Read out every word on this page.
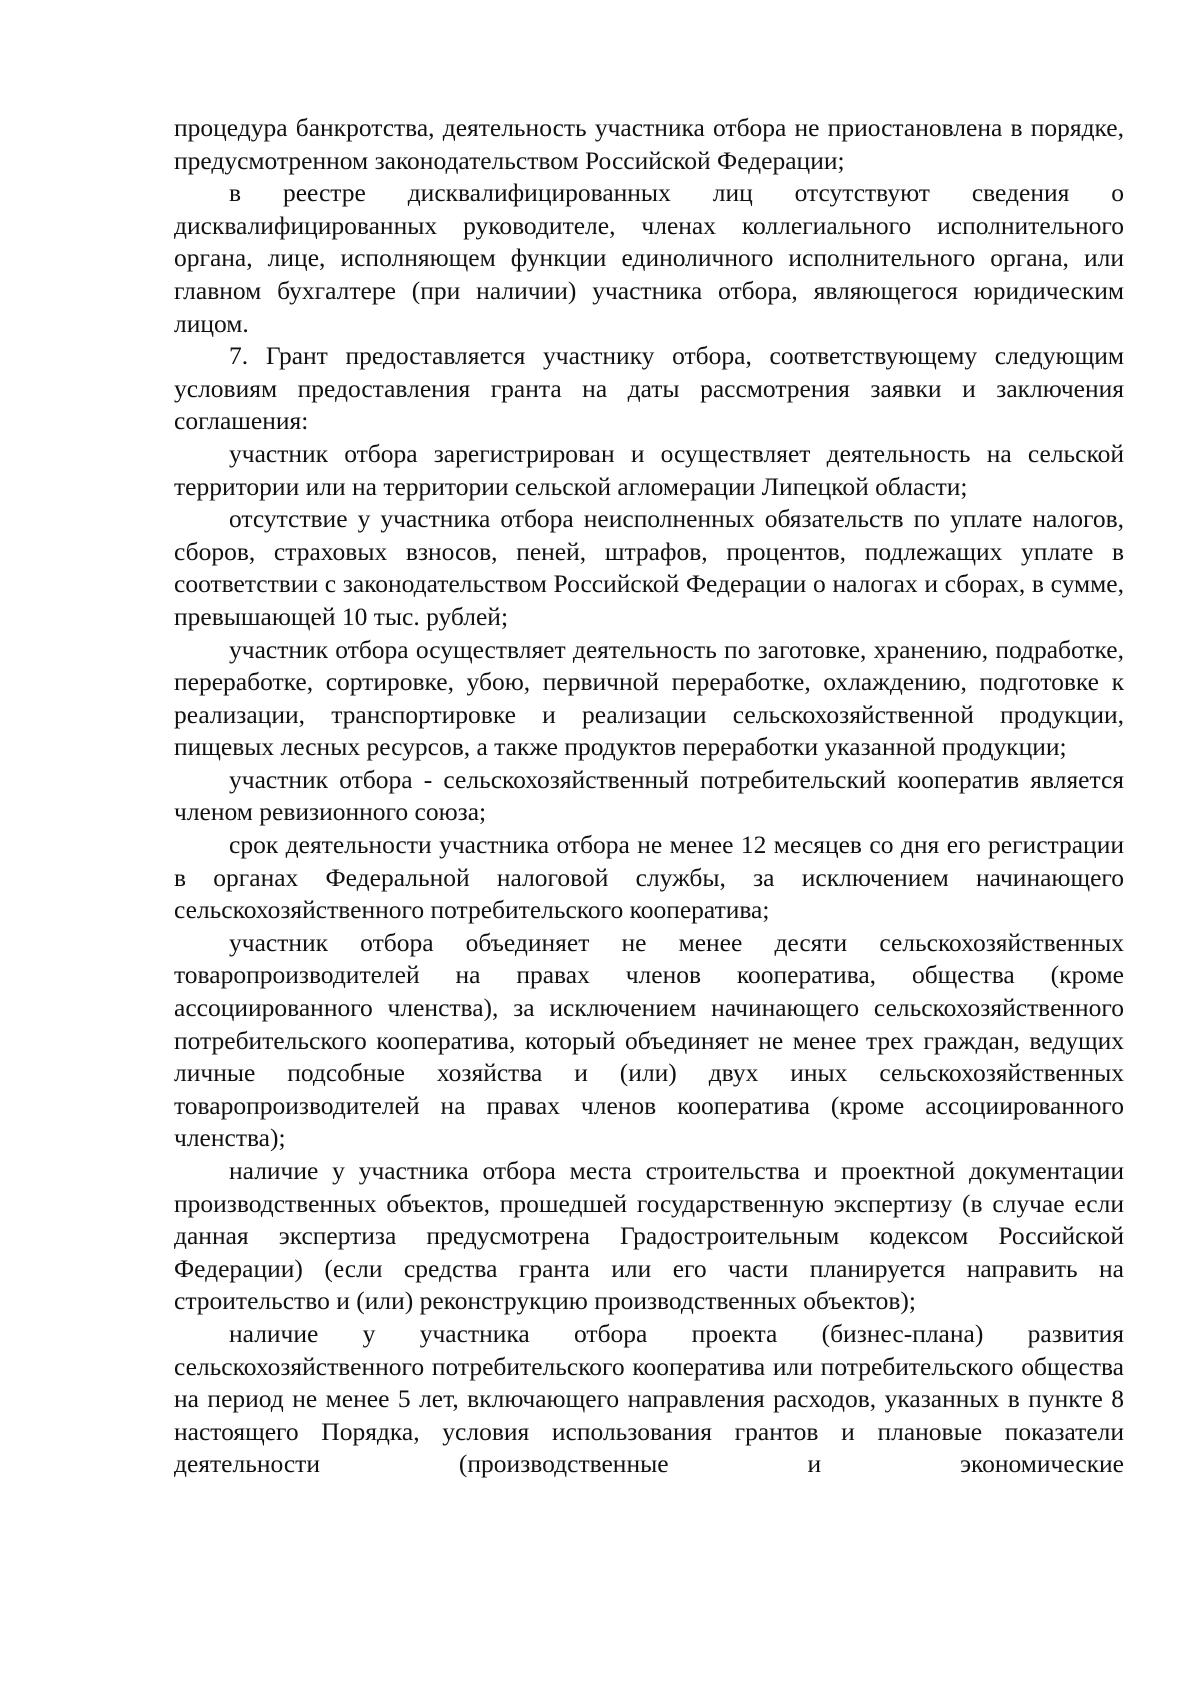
процедура банкротства, деятельность участника отбора не приостановлена в порядке, предусмотренном законодательством Российской Федерации;

в реестре дисквалифицированных лиц отсутствуют сведения о дисквалифицированных руководителе, членах коллегиального исполнительного органа, лице, исполняющем функции единоличного исполнительного органа, или главном бухгалтере (при наличии) участника отбора, являющегося юридическим лицом.

7. Грант предоставляется участнику отбора, соответствующему следующим условиям предоставления гранта на даты рассмотрения заявки и заключения соглашения:

участник отбора зарегистрирован и осуществляет деятельность на сельской территории или на территории сельской агломерации Липецкой области;

отсутствие у участника отбора неисполненных обязательств по уплате налогов, сборов, страховых взносов, пеней, штрафов, процентов, подлежащих уплате в соответствии с законодательством Российской Федерации о налогах и сборах, в сумме, превышающей 10 тыс. рублей;

участник отбора осуществляет деятельность по заготовке, хранению, подработке, переработке, сортировке, убою, первичной переработке, охлаждению, подготовке к реализации, транспортировке и реализации сельскохозяйственной продукции, пищевых лесных ресурсов, а также продуктов переработки указанной продукции;

участник отбора - сельскохозяйственный потребительский кооператив является членом ревизионного союза;

срок деятельности участника отбора не менее 12 месяцев со дня его регистрации в органах Федеральной налоговой службы, за исключением начинающего сельскохозяйственного потребительского кооператива;

участник отбора объединяет не менее десяти сельскохозяйственных товаропроизводителей на правах членов кооператива, общества (кроме ассоциированного членства), за исключением начинающего сельскохозяйственного потребительского кооператива, который объединяет не менее трех граждан, ведущих личные подсобные хозяйства и (или) двух иных сельскохозяйственных товаропроизводителей на правах членов кооператива (кроме ассоциированного членства);

наличие у участника отбора места строительства и проектной документации производственных объектов, прошедшей государственную экспертизу (в случае если данная экспертиза предусмотрена Градостроительным кодексом Российской Федерации) (если средства гранта или его части планируется направить на строительство и (или) реконструкцию производственных объектов);

наличие у участника отбора проекта (бизнес-плана) развития сельскохозяйственного потребительского кооператива или потребительского общества на период не менее 5 лет, включающего направления расходов, указанных в пункте 8 настоящего Порядка, условия использования грантов и плановые показатели деятельности (производственные и экономические
